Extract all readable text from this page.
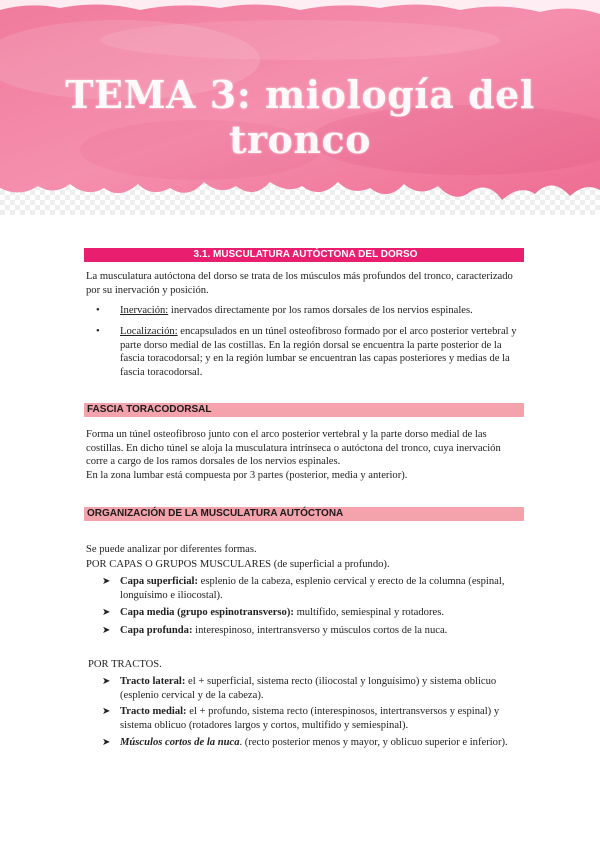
TEMA 3: miología del tronco
3.1. MUSCULATURA AUTÓCTONA DEL DORSO

La musculatura autóctona del dorso se trata de los músculos más profundos del tronco, caracterizado por su inervación y posición.

•	Inervación: inervados directamente por los ramos dorsales de los nervios espinales.
•	Localización: encapsulados en un túnel osteofibroso formado por el arco posterior vertebral y parte dorso medial de las costillas. En la región dorsal se encuentra la parte posterior de la fascia toracodorsal; y en la región lumbar se encuentran las capas posteriores y medias de la fascia toracodorsal.
FASCIA TORACODORSAL

Forma un túnel osteofibroso junto con el arco posterior vertebral y la parte dorso medial de las costillas. En dicho túnel se aloja la musculatura intrínseca o autóctona del tronco, cuya inervación corre a cargo de los ramos dorsales de los nervios espinales.

En la zona lumbar está compuesta por 3 partes (posterior, media y anterior).

ORGANIZACIÓN DE LA MUSCULATURA AUTÓCTONA

Se puede analizar por diferentes formas.

POR CAPAS O GRUPOS MUSCULARES (de superficial a profundo).

➤ Capa superficial: esplenio de la cabeza, esplenio cervical y erecto de la columna (espinal, longuísimo e iliocostal).
➤ Capa media (grupo espinotransverso): multífido, semiespinal y rotadores.
➤ Capa profunda: interespinoso, intertransverso y músculos cortos de la nuca.

POR TRACTOS.

➤ Tracto lateral: el + superficial, sistema recto (iliocostal y longuísimo) y sistema oblicuo (esplenio cervical y de la cabeza).
➤ Tracto medial: el + profundo, sistema recto (interespinosos, intertransversos y espinal) y sistema oblicuo (rotadores largos y cortos, multifido y semiespinal).
➤ Músculos cortos de la nuca. (recto posterior menos y mayor, y oblicuo superior e inferior).
